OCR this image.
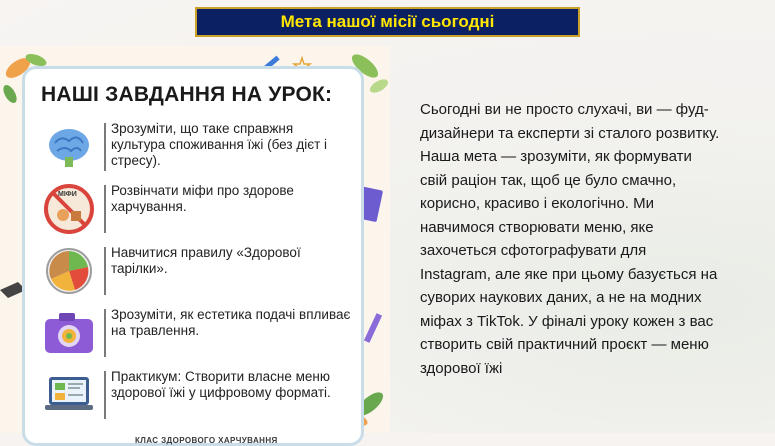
Мета нашої місії сьогодні
НАШІ ЗАВДАННЯ НА УРОК:
Зрозуміти, що таке справжня культура споживання їжі (без дієт і стресу).
МІФИ	Розвінчати міфи про здорове харчування.
Навчитися правилу «Здорової тарілки».
Зрозуміти, як естетика подачі впливає на травлення.
Практикум: Створити власне меню здорової їжі у цифровому форматі.
КЛАС ЗДОРОВОГО ХАРЧУВАННЯ
Сьогодні ви не просто слухачі, ви — фуд-дизайнери та експерти зі сталого розвитку. Наша мета — зрозуміти, як формувати свій раціон так, щоб це було смачно, корисно, красиво і екологічно. Ми навчимося створювати меню, яке захочеться сфотографувати для Instagram, але яке при цьому базується на суворих наукових даних, а не на модних міфах з TikTok. У фіналі уроку кожен з вас створить свій практичний проєкт — меню здорової їжі
